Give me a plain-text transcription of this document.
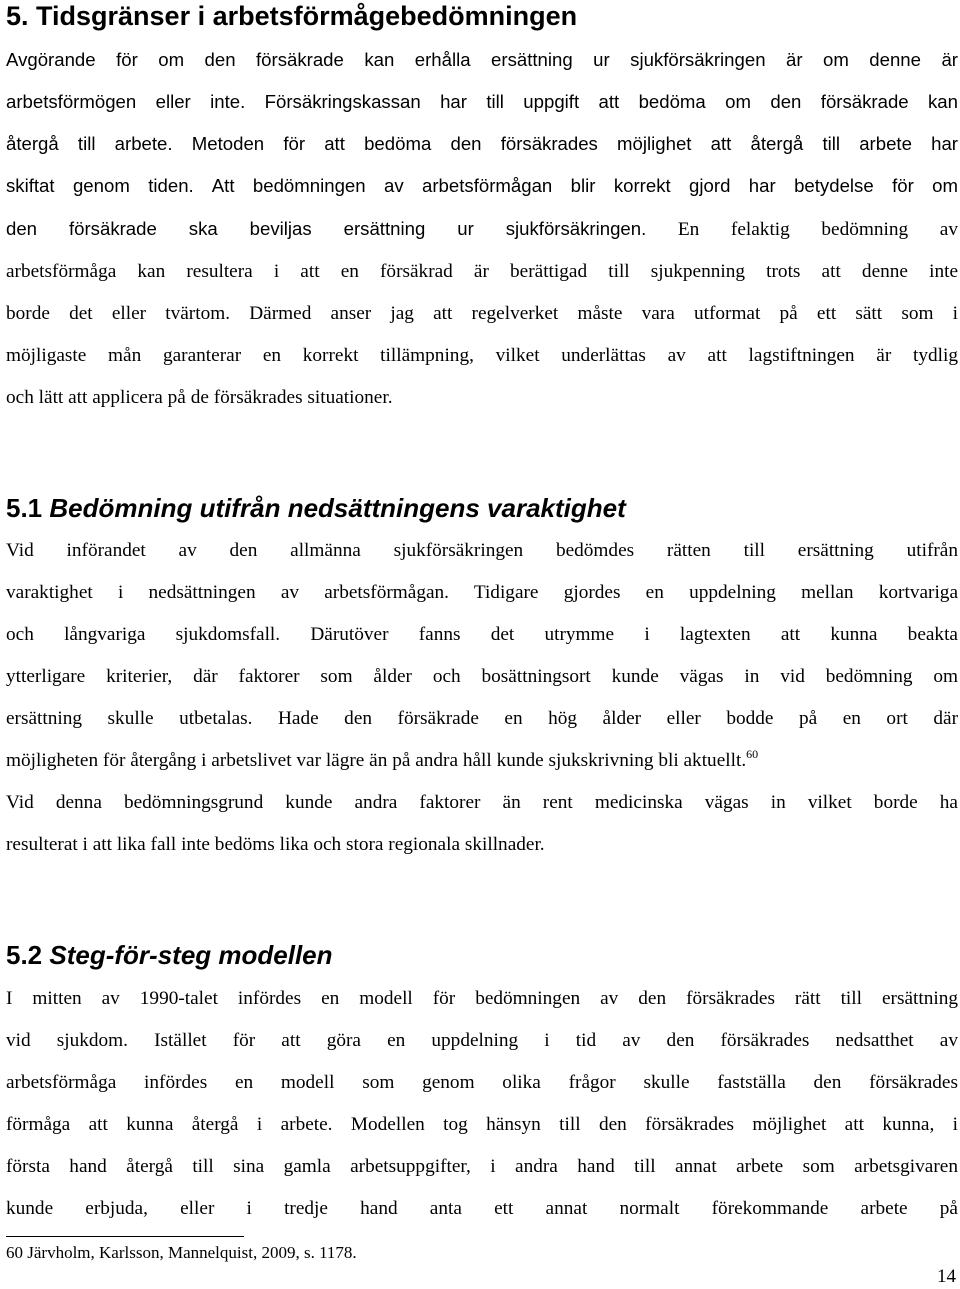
5. Tidsgränser i arbetsförmågebedömningen
Avgörande för om den försäkrade kan erhålla ersättning ur sjukförsäkringen är om denne är
arbetsförmögen eller inte. Försäkringskassan har till uppgift att bedöma om den försäkrade kan
återgå till arbete. Metoden för att bedöma den försäkrades möjlighet att återgå till arbete har
skiftat genom tiden. Att bedömningen av arbetsförmågan blir korrekt gjord har betydelse för om
den försäkrade ska beviljas ersättning ur sjukförsäkringen. En felaktig bedömning av
arbetsförmåga kan resultera i att en försäkrad är berättigad till sjukpenning trots att denne inte
borde det eller tvärtom. Därmed anser jag att regelverket måste vara utformat på ett sätt som i
möjligaste mån garanterar en korrekt tillämpning, vilket underlättas av att lagstiftningen är tydlig
och lätt att applicera på de försäkrades situationer.
5.1 Bedömning utifrån nedsättningens varaktighet
Vid införandet av den allmänna sjukförsäkringen bedömdes rätten till ersättning utifrån
varaktighet i nedsättningen av arbetsförmågan. Tidigare gjordes en uppdelning mellan kortvariga
och långvariga sjukdomsfall. Därutöver fanns det utrymme i lagtexten att kunna beakta
ytterligare kriterier, där faktorer som ålder och bosättningsort kunde vägas in vid bedömning om
ersättning skulle utbetalas. Hade den försäkrade en hög ålder eller bodde på en ort där
möjligheten för återgång i arbetslivet var lägre än på andra håll kunde sjukskrivning bli aktuellt.$^{60}$
Vid denna bedömningsgrund kunde andra faktorer än rent medicinska vägas in vilket borde ha
resulterat i att lika fall inte bedöms lika och stora regionala skillnader.
5.2 Steg-för-steg modellen
I mitten av 1990-talet infördes en modell för bedömningen av den försäkrades rätt till ersättning
vid sjukdom. Istället för att göra en uppdelning i tid av den försäkrades nedsatthet av
arbetsförmåga infördes en modell som genom olika frågor skulle fastställa den försäkrades
förmåga att kunna återgå i arbete. Modellen tog hänsyn till den försäkrades möjlighet att kunna, i
första hand återgå till sina gamla arbetsuppgifter, i andra hand till annat arbete som arbetsgivaren
kunde erbjuda, eller i tredje hand anta ett annat normalt förekommande arbete på

60 Järvholm, Karlsson, Mannelquist, 2009, s. 1178.

14
